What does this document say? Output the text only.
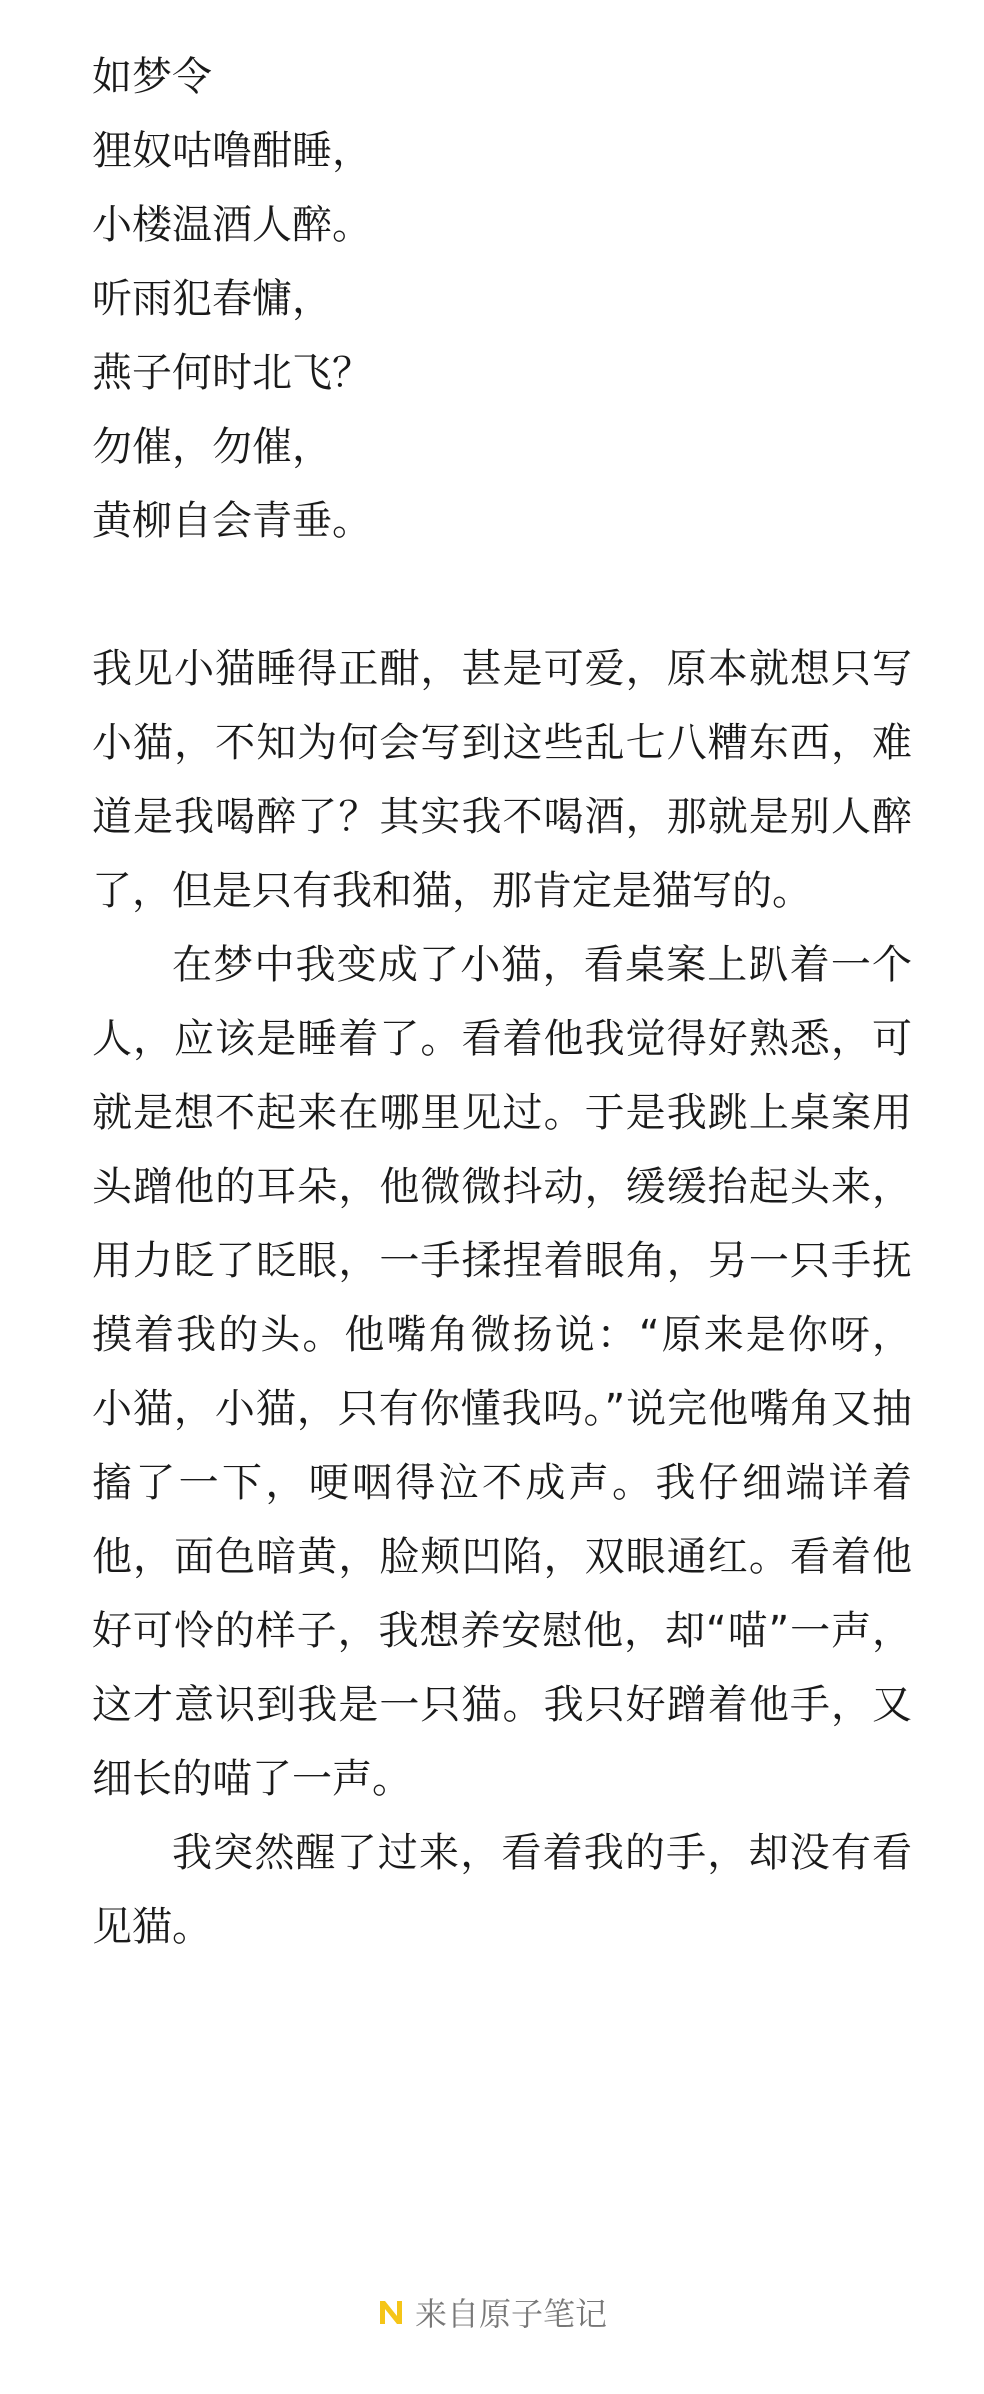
如梦令
狸奴咕噜酣睡，
小楼温酒人醉。
听雨犯春慵，
燕子何时北飞？
勿催，勿催，
黄柳自会青垂。

我见小猫睡得正酣，甚是可爱，原本就想只写小猫，不知为何会写到这些乱七八糟东西，难道是我喝醉了？其实我不喝酒，那就是别人醉了，但是只有我和猫，那肯定是猫写的。

在梦中我变成了小猫，看桌案上趴着一个人，应该是睡着了。看着他我觉得好熟悉，可就是想不起来在哪里见过。于是我跳上桌案用头蹭他的耳朵，他微微抖动，缓缓抬起头来，用力眨了眨眼，一手揉捏着眼角，另一只手抚摸着我的头。他嘴角微扬说：“原来是你呀，小猫，小猫，只有你懂我吗。”说完他嘴角又抽搐了一下，哽咽得泣不成声。我仔细端详着他，面色暗黄，脸颊凹陷，双眼通红。看着他好可怜的样子，我想养安慰他，却“喵”一声，这才意识到我是一只猫。我只好蹭着他手，又细长的喵了一声。

我突然醒了过来，看着我的手，却没有看见猫。

来自原子笔记
